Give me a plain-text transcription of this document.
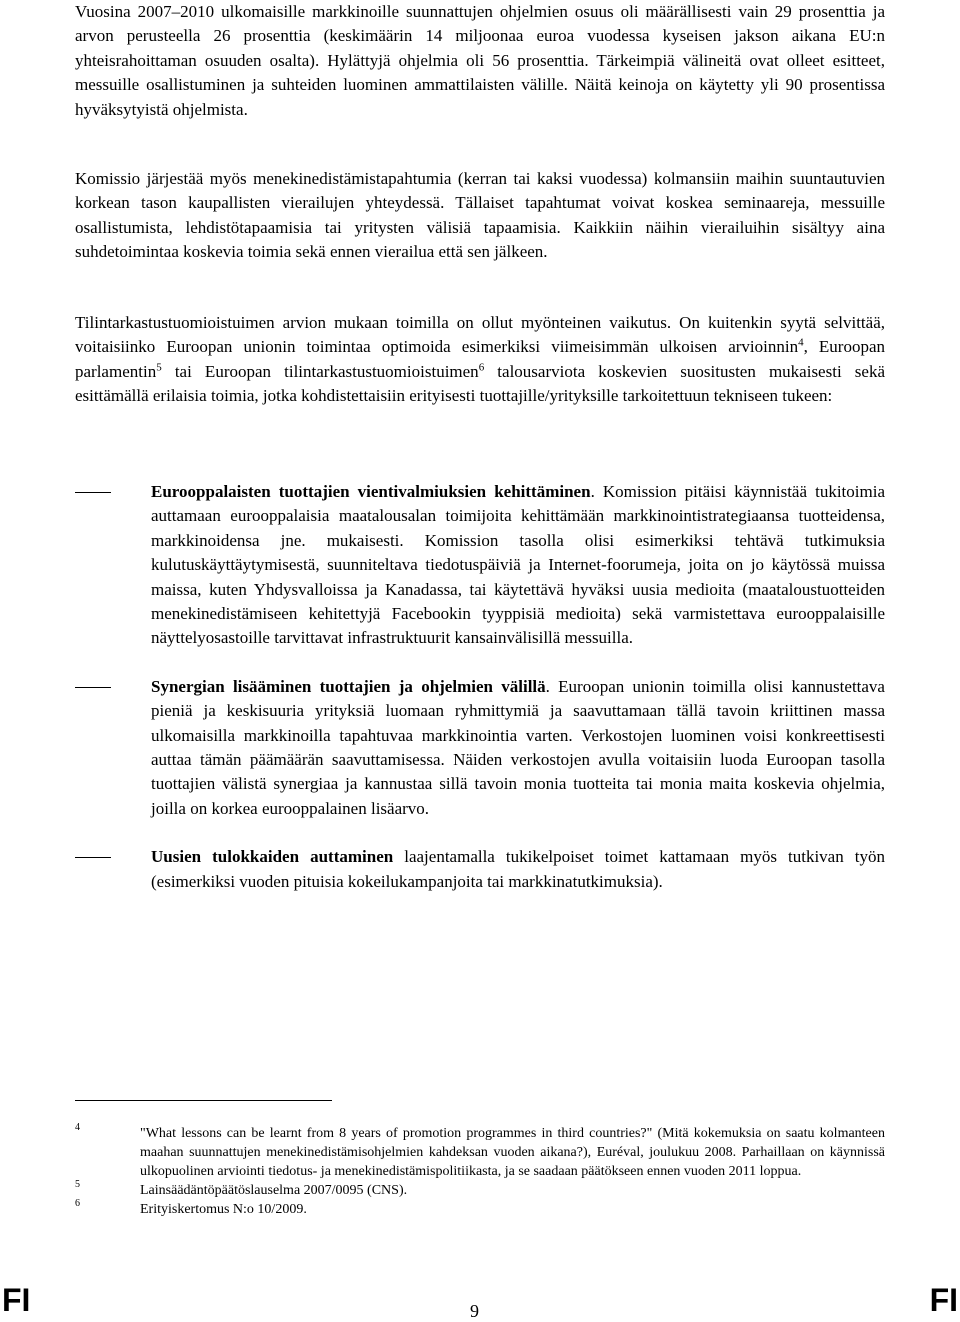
Vuosina 2007–2010 ulkomaisille markkinoille suunnattujen ohjelmien osuus oli määrällisesti vain 29 prosenttia ja arvon perusteella 26 prosenttia (keskimäärin 14 miljoonaa euroa vuodessa kyseisen jakson aikana EU:n yhteisrahoittaman osuuden osalta). Hylättyjä ohjelmia oli 56 prosenttia. Tärkeimpiä välineitä ovat olleet esitteet, messuille osallistuminen ja suhteiden luominen ammattilaisten välille. Näitä keinoja on käytetty yli 90 prosentissa hyväksytyistä ohjelmista.

Komissio järjestää myös menekinedistämistapahtumia (kerran tai kaksi vuodessa) kolmansiin maihin suuntautuvien korkean tason kaupallisten vierailujen yhteydessä. Tällaiset tapahtumat voivat koskea seminaareja, messuille osallistumista, lehdistötapaamisia tai yritysten välisiä tapaamisia. Kaikkiin näihin vierailuihin sisältyy aina suhdetoimintaa koskevia toimia sekä ennen vierailua että sen jälkeen.

Tilintarkastustuomioistuimen arvion mukaan toimilla on ollut myönteinen vaikutus. On kuitenkin syytä selvittää, voitaisiinko Euroopan unionin toimintaa optimoida esimerkiksi viimeisimmän ulkoisen arvioinnin$^4$, Euroopan parlamentin$^5$ tai Euroopan tilintarkastustuomioistuimen$^6$ talousarviota koskevien suositusten mukaisesti sekä esittämällä erilaisia toimia, jotka kohdistettaisiin erityisesti tuottajille/yrityksille tarkoitettuun tekniseen tukeen:

Eurooppalaisten tuottajien vientivalmiuksien kehittäminen. Komission pitäisi käynnistää tukitoimia auttamaan eurooppalaisia maatalousalan toimijoita kehittämään markkinointistrategiaansa tuotteidensa, markkinoidensa jne. mukaisesti. Komission tasolla olisi esimerkiksi tehtävä tutkimuksia kulutuskäyttäytymisestä, suunniteltava tiedotuspäiviä ja Internet-foorumeja, joita on jo käytössä muissa maissa, kuten Yhdysvalloissa ja Kanadassa, tai käytettävä hyväksi uusia medioita (maataloustuotteiden menekinedistämiseen kehitettyjä Facebookin tyyppisiä medioita) sekä varmistettava eurooppalaisille näyttelyosastoille tarvittavat infrastruktuurit kansainvälisillä messuilla.
Synergian lisääminen tuottajien ja ohjelmien välillä. Euroopan unionin toimilla olisi kannustettava pieniä ja keskisuuria yrityksiä luomaan ryhmittymiä ja saavuttamaan tällä tavoin kriittinen massa ulkomaisilla markkinoilla tapahtuvaa markkinointia varten. Verkostojen luominen voisi konkreettisesti auttaa tämän päämäärän saavuttamisessa. Näiden verkostojen avulla voitaisiin luoda Euroopan tasolla tuottajien välistä synergiaa ja kannustaa sillä tavoin monia tuotteita tai monia maita koskevia ohjelmia, joilla on korkea eurooppalainen lisäarvo.
Uusien tulokkaiden auttaminen laajentamalla tukikelpoiset toimet kattamaan myös tutkivan työn (esimerkiksi vuoden pituisia kokeilukampanjoita tai markkinatutkimuksia).
4	"What lessons can be learnt from 8 years of promotion programmes in third countries?" (Mitä kokemuksia on saatu kolmanteen maahan suunnattujen menekinedistämisohjelmien kahdeksan vuoden aikana?), Euréval, joulukuu 2008. Parhaillaan on käynnissä ulkopuolinen arviointi tiedotus- ja menekinedistämispolitiikasta, ja se saadaan päätökseen ennen vuoden 2011 loppua.
5	Lainsäädäntöpäätöslauselma 2007/0095 (CNS).
6	Erityiskertomus N:o 10/2009.
FI	9	FI
